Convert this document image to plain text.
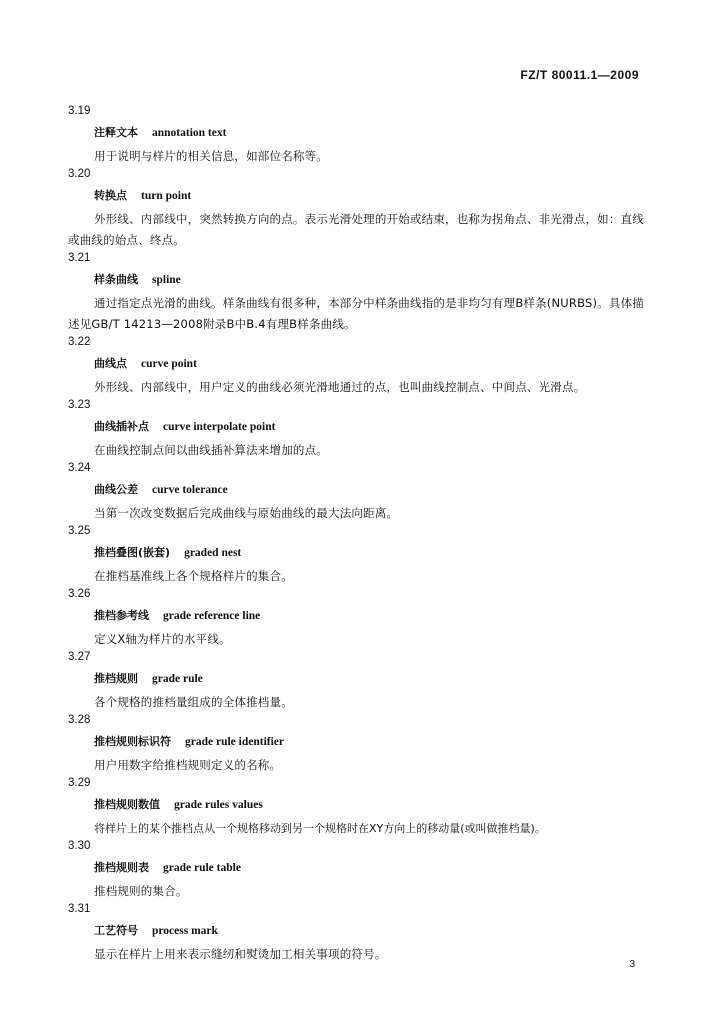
FZ/T 80011.1—2009
3.19
注释文本 annotation text
用于说明与样片的相关信息，如部位名称等。
3.20
转换点 turn point
外形线、内部线中，突然转换方向的点。表示光滑处理的开始或结束，也称为拐角点、非光滑点，如：直线或曲线的始点、终点。
3.21
样条曲线 spline
通过指定点光滑的曲线。样条曲线有很多种，本部分中样条曲线指的是非均匀有理B样条(NURBS)。具体描述见GB/T 14213—2008附录B中B.4有理B样条曲线。
3.22
曲线点 curve point
外形线、内部线中，用户定义的曲线必须光滑地通过的点，也叫曲线控制点、中间点、光滑点。
3.23
曲线插补点 curve interpolate point
在曲线控制点间以曲线插补算法来增加的点。
3.24
曲线公差 curve tolerance
当第一次改变数据后完成曲线与原始曲线的最大法向距离。
3.25
推档叠图(嵌套) graded nest
在推档基准线上各个规格样片的集合。
3.26
推档参考线 grade reference line
定义X轴为样片的水平线。
3.27
推档规则 grade rule
各个规格的推档量组成的全体推档量。
3.28
推档规则标识符 grade rule identifier
用户用数字给推档规则定义的名称。
3.29
推档规则数值 grade rules values
将样片上的某个推档点从一个规格移动到另一个规格时在XY方向上的移动量(或叫做推档量)。
3.30
推档规则表 grade rule table
推档规则的集合。
3.31
工艺符号 process mark
显示在样片上用来表示缝纫和熨烫加工相关事项的符号。
3
